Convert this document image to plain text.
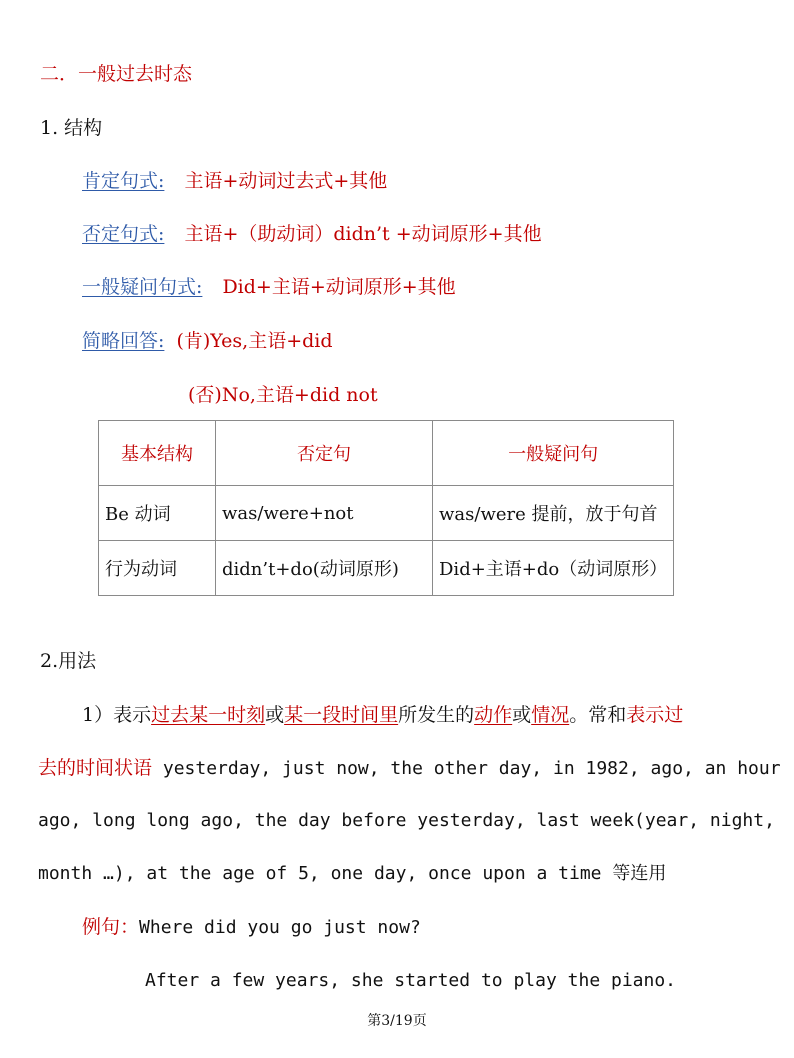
二．一般过去时态
1. 结构
肯定句式: 主语+动词过去式+其他
否定句式: 主语+（助动词）didn’t +动词原形+其他
一般疑问句式: Did+主语+动词原形+其他
简略回答: (肯)Yes,主语+did
(否)No,主语+did not
基本结构	否定句	一般疑问句
Be 动词	was/were+not	was/were 提前，放于句首
行为动词	didn’t+do(动词原形)	Did+主语+do（动词原形）
2.用法
1）表示过去某一时刻或某一段时间里所发生的动作或情况。常和表示过
去的时间状语 yesterday, just now, the other day, in 1982, ago, an hour
ago, long long ago, the day before yesterday, last week(year, night,
month …), at the age of 5, one day, once upon a time 等连用
例句：Where did you go just now?
After a few years, she started to play the piano.
第3/19页
